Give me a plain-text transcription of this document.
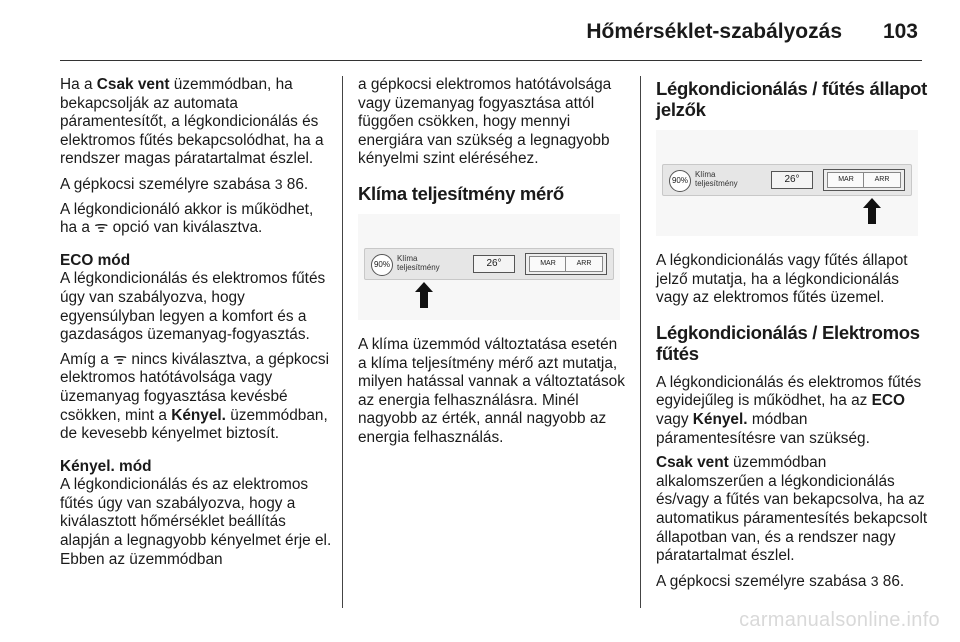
Hőmérséklet-szabályozás 103

Ha a Csak vent üzemmódban, ha bekapcsolják az automata páramentesítőt, a légkondicionálás és elektromos fűtés bekapcsolódhat, ha a rendszer magas páratartalmat észlel.

A gépkocsi személyre szabása 3 86.

A légkondicionáló akkor is működhet, ha a ᯤ opció van kiválasztva.

ECO mód

A légkondicionálás és elektromos fűtés úgy van szabályozva, hogy egyensúlyban legyen a komfort és a gazdaságos üzemanyag-fogyasztás.

Amíg a ᯤ nincs kiválasztva, a gépkocsi elektromos hatótávolsága vagy üzemanyag fogyasztása kevésbé csökken, mint a Kényel. üzemmódban, de kevesebb kényelmet biztosít.

Kényel. mód

A légkondicionálás és az elektromos fűtés úgy van szabályozva, hogy a kiválasztott hőmérséklet beállítás alapján a legnagyobb kényelmet érje el. Ebben az üzemmódban

a gépkocsi elektromos hatótávolsága vagy üzemanyag fogyasztása attól függően csökken, hogy mennyi energiára van szükség a legnagyobb kényelmi szint eléréséhez.

Klíma teljesítmény mérő

90%
Klíma
teljesítmény	26°	MAR	ARR

A klíma üzemmód változtatása esetén a klíma teljesítmény mérő azt mutatja, milyen hatással vannak a változtatások az energia felhasználásra. Minél nagyobb az érték, annál nagyobb az energia felhasználás.

Légkondicionálás / fűtés állapot jelzők

90%
Klíma
teljesítmény	26°	MAR	ARR

A légkondicionálás vagy fűtés állapot jelző mutatja, ha a légkondicionálás vagy az elektromos fűtés üzemel.

Légkondicionálás / Elektromos fűtés

A légkondicionálás és elektromos fűtés egyidejűleg is működhet, ha az ECO vagy Kényel. módban páramentesítésre van szükség.

Csak vent üzemmódban alkalomszerűen a légkondicionálás és/vagy a fűtés van bekapcsolva, ha az automatikus páramentesítés bekapcsolt állapotban van, és a rendszer nagy páratartalmat észlel.

A gépkocsi személyre szabása 3 86.

carmanualsonline.info
